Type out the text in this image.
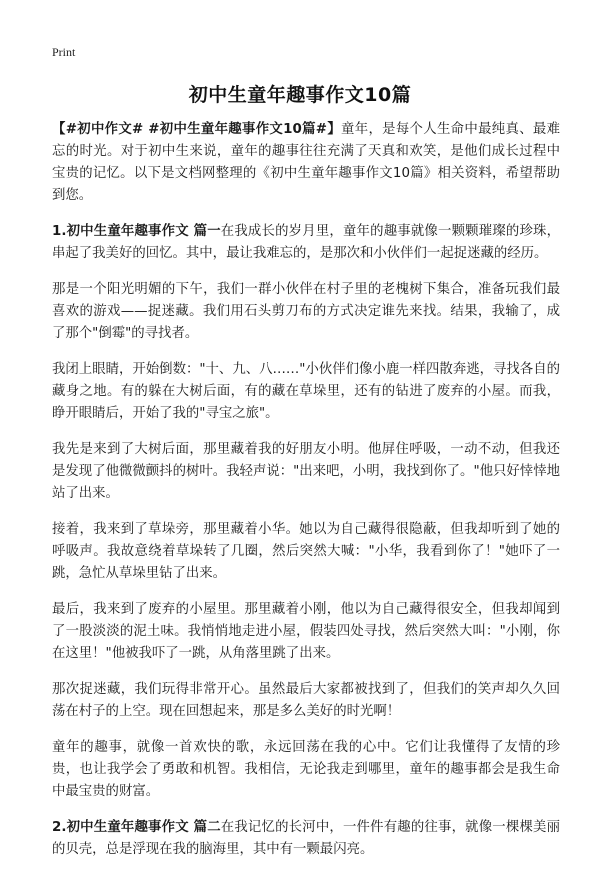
Print
初中生童年趣事作文10篇

【#初中作文# #初中生童年趣事作文10篇#】童年，是每个人生命中最纯真、最难忘的时光。对于初中生来说，童年的趣事往往充满了天真和欢笑，是他们成长过程中宝贵的记忆。以下是文档网整理的《初中生童年趣事作文10篇》相关资料，希望帮助到您。

1.初中生童年趣事作文 篇一在我成长的岁月里，童年的趣事就像一颗颗璀璨的珍珠，串起了我美好的回忆。其中，最让我难忘的，是那次和小伙伴们一起捉迷藏的经历。

那是一个阳光明媚的下午，我们一群小伙伴在村子里的老槐树下集合，准备玩我们最喜欢的游戏——捉迷藏。我们用石头剪刀布的方式决定谁先来找。结果，我输了，成了那个"倒霉"的寻找者。

我闭上眼睛，开始倒数："十、九、八……"小伙伴们像小鹿一样四散奔逃，寻找各自的藏身之地。有的躲在大树后面，有的藏在草垛里，还有的钻进了废弃的小屋。而我，睁开眼睛后，开始了我的"寻宝之旅"。

我先是来到了大树后面，那里藏着我的好朋友小明。他屏住呼吸，一动不动，但我还是发现了他微微颤抖的树叶。我轻声说："出来吧，小明，我找到你了。"他只好悻悻地站了出来。

接着，我来到了草垛旁，那里藏着小华。她以为自己藏得很隐蔽，但我却听到了她的呼吸声。我故意绕着草垛转了几圈，然后突然大喊："小华，我看到你了！"她吓了一跳，急忙从草垛里钻了出来。

最后，我来到了废弃的小屋里。那里藏着小刚，他以为自己藏得很安全，但我却闻到了一股淡淡的泥土味。我悄悄地走进小屋，假装四处寻找，然后突然大叫："小刚，你在这里！"他被我吓了一跳，从角落里跳了出来。

那次捉迷藏，我们玩得非常开心。虽然最后大家都被找到了，但我们的笑声却久久回荡在村子的上空。现在回想起来，那是多么美好的时光啊！

童年的趣事，就像一首欢快的歌，永远回荡在我的心中。它们让我懂得了友情的珍贵，也让我学会了勇敢和机智。我相信，无论我走到哪里，童年的趣事都会是我生命中最宝贵的财富。

2.初中生童年趣事作文 篇二在我记忆的长河中，一件件有趣的往事，就像一棵棵美丽的贝壳，总是浮现在我的脑海里，其中有一颗最闪亮。
